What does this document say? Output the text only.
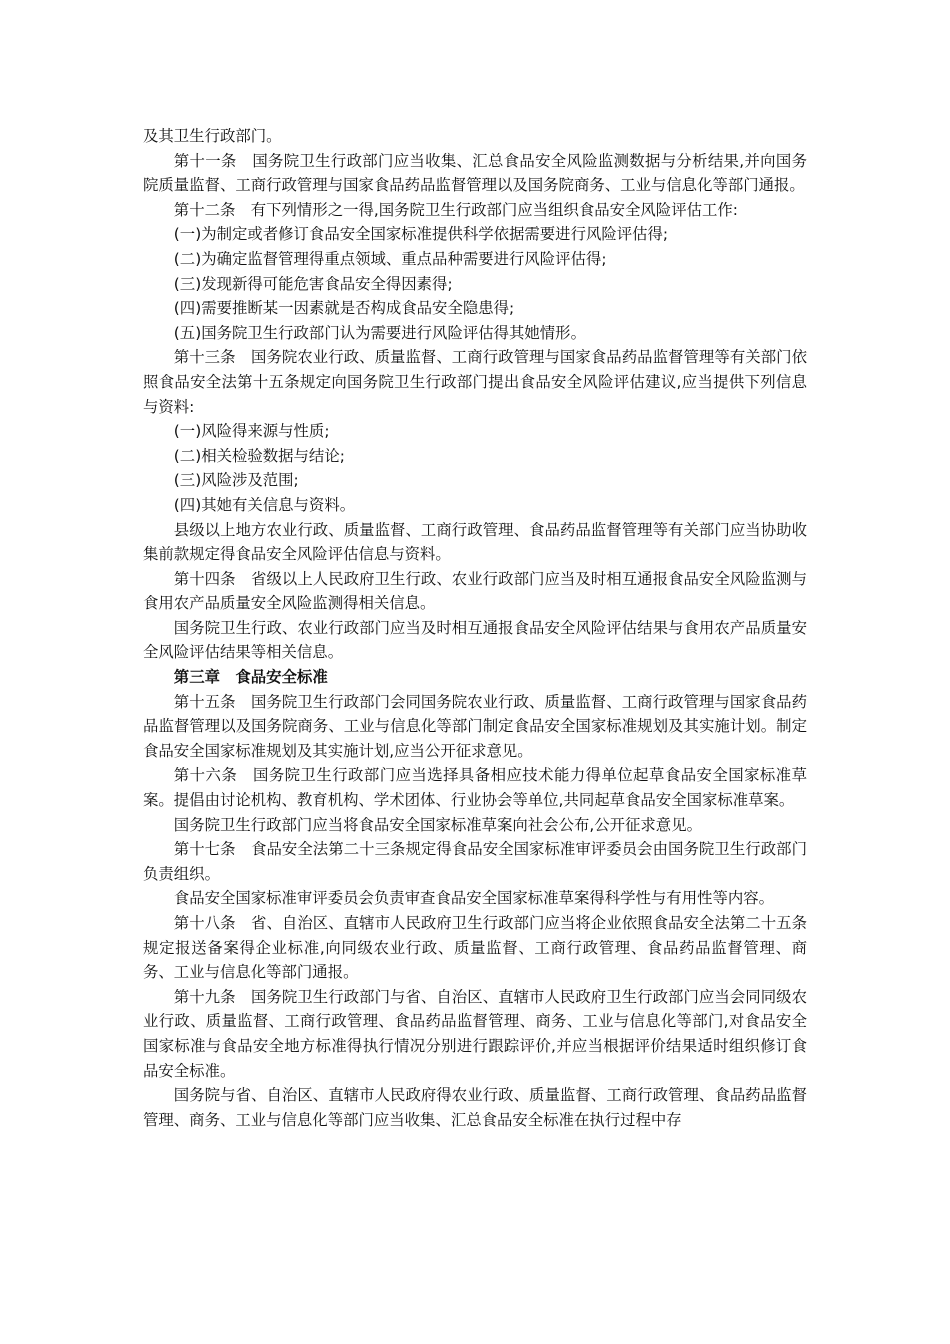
及其卫生行政部门。

第十一条　国务院卫生行政部门应当收集、汇总食品安全风险监测数据与分析结果,并向国务院质量监督、工商行政管理与国家食品药品监督管理以及国务院商务、工业与信息化等部门通报。

第十二条　有下列情形之一得,国务院卫生行政部门应当组织食品安全风险评估工作:

(一)为制定或者修订食品安全国家标准提供科学依据需要进行风险评估得;

(二)为确定监督管理得重点领域、重点品种需要进行风险评估得;

(三)发现新得可能危害食品安全得因素得;

(四)需要推断某一因素就是否构成食品安全隐患得;

(五)国务院卫生行政部门认为需要进行风险评估得其她情形。

第十三条　国务院农业行政、质量监督、工商行政管理与国家食品药品监督管理等有关部门依照食品安全法第十五条规定向国务院卫生行政部门提出食品安全风险评估建议,应当提供下列信息与资料:

(一)风险得来源与性质;

(二)相关检验数据与结论;

(三)风险涉及范围;

(四)其她有关信息与资料。

县级以上地方农业行政、质量监督、工商行政管理、食品药品监督管理等有关部门应当协助收集前款规定得食品安全风险评估信息与资料。

第十四条　省级以上人民政府卫生行政、农业行政部门应当及时相互通报食品安全风险监测与食用农产品质量安全风险监测得相关信息。

国务院卫生行政、农业行政部门应当及时相互通报食品安全风险评估结果与食用农产品质量安全风险评估结果等相关信息。

第三章　食品安全标准

第十五条　国务院卫生行政部门会同国务院农业行政、质量监督、工商行政管理与国家食品药品监督管理以及国务院商务、工业与信息化等部门制定食品安全国家标准规划及其实施计划。制定食品安全国家标准规划及其实施计划,应当公开征求意见。

第十六条　国务院卫生行政部门应当选择具备相应技术能力得单位起草食品安全国家标准草案。提倡由讨论机构、教育机构、学术团体、行业协会等单位,共同起草食品安全国家标准草案。

国务院卫生行政部门应当将食品安全国家标准草案向社会公布,公开征求意见。

第十七条　食品安全法第二十三条规定得食品安全国家标准审评委员会由国务院卫生行政部门负责组织。

食品安全国家标准审评委员会负责审查食品安全国家标准草案得科学性与有用性等内容。

第十八条　省、自治区、直辖市人民政府卫生行政部门应当将企业依照食品安全法第二十五条规定报送备案得企业标准,向同级农业行政、质量监督、工商行政管理、食品药品监督管理、商务、工业与信息化等部门通报。

第十九条　国务院卫生行政部门与省、自治区、直辖市人民政府卫生行政部门应当会同同级农业行政、质量监督、工商行政管理、食品药品监督管理、商务、工业与信息化等部门,对食品安全国家标准与食品安全地方标准得执行情况分别进行跟踪评价,并应当根据评价结果适时组织修订食品安全标准。

国务院与省、自治区、直辖市人民政府得农业行政、质量监督、工商行政管理、食品药品监督管理、商务、工业与信息化等部门应当收集、汇总食品安全标准在执行过程中存
